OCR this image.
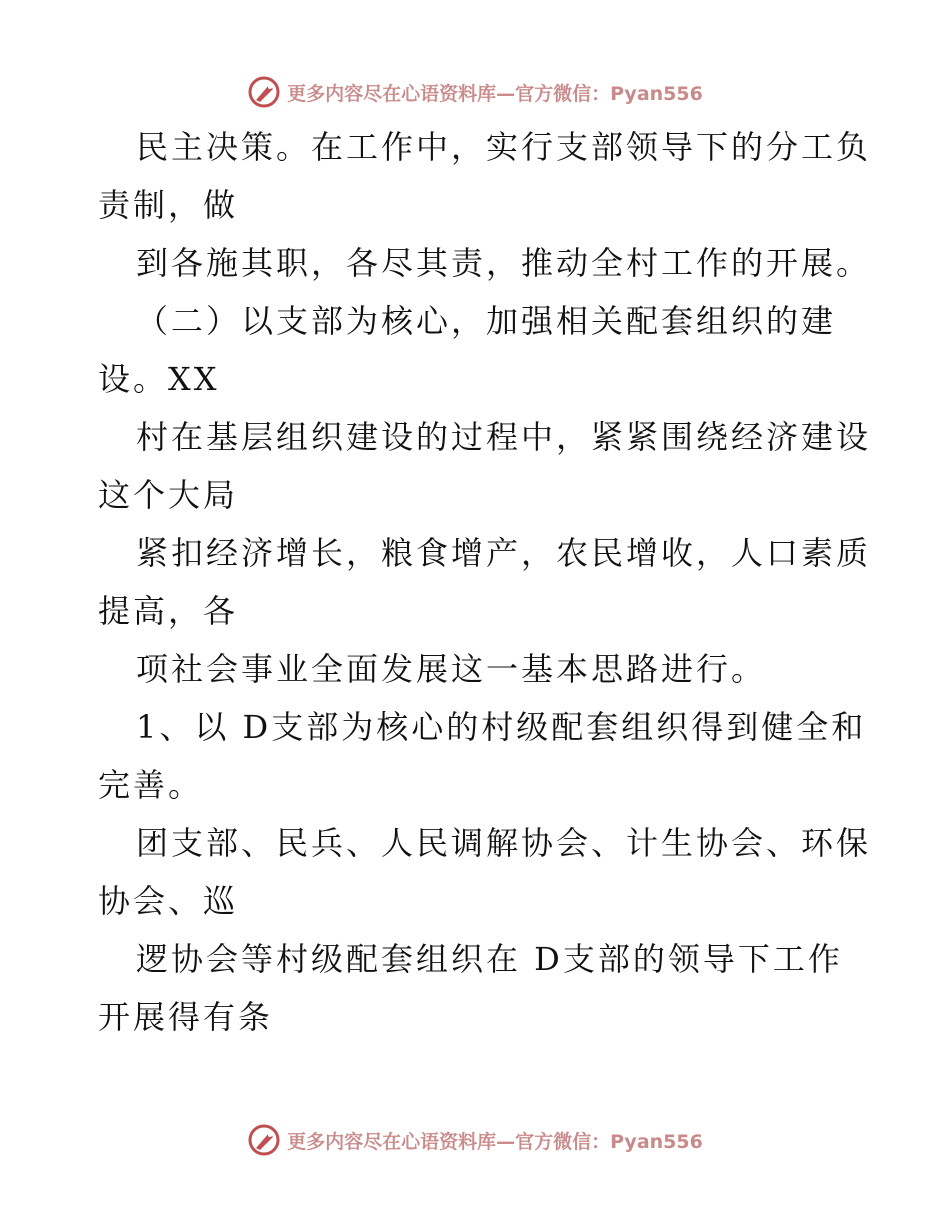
更多内容尽在心语资料库—官方微信：Pyan556
民主决策。在工作中，实行支部领导下的分工负
责制，做
到各施其职，各尽其责，推动全村工作的开展。
（二）以支部为核心，加强相关配套组织的建
设。XX
村在基层组织建设的过程中，紧紧围绕经济建设
这个大局
紧扣经济增长，粮食增产，农民增收，人口素质
提高，各
项社会事业全面发展这一基本思路进行。
1、以 D支部为核心的村级配套组织得到健全和
完善。
团支部、民兵、人民调解协会、计生协会、环保
协会、巡
逻协会等村级配套组织在 D支部的领导下工作
开展得有条
更多内容尽在心语资料库—官方微信：Pyan556
